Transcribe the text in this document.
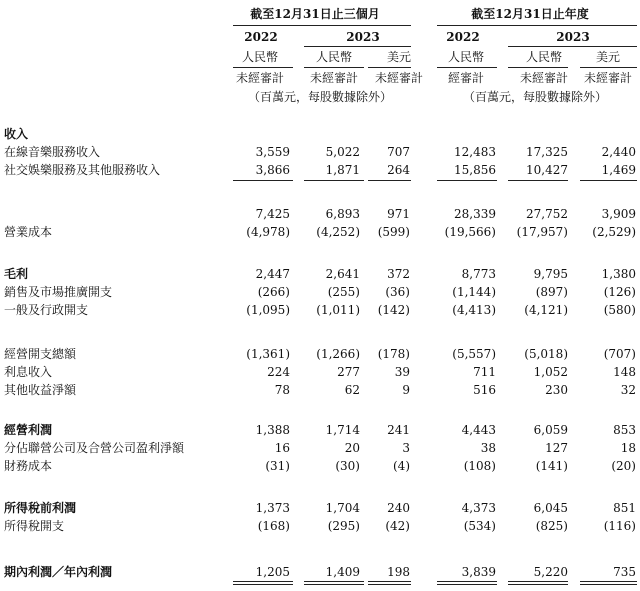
截至12月31日止三個月	截至12月31日止年度
2022	2023	2022	2023
人民幣	人民幣	美元	人民幣	人民幣	美元
未經審計	未經審計	未經審計	經審計	未經審計	未經審計
（百萬元，每股數據除外）	（百萬元，每股數據除外）
收入
在線音樂服務收入	3,559	5,022	707	12,483	17,325	2,440
社交娛樂服務及其他服務收入	3,866	1,871	264	15,856	10,427	1,469
7,425	6,893	971	28,339	27,752	3,909
營業成本	(4,978)	(4,252)	(599)	(19,566)	(17,957)	(2,529)
毛利	2,447	2,641	372	8,773	9,795	1,380
銷售及市場推廣開支	(266)	(255)	(36)	(1,144)	(897)	(126)
一般及行政開支	(1,095)	(1,011)	(142)	(4,413)	(4,121)	(580)
經營開支總額	(1,361)	(1,266)	(178)	(5,557)	(5,018)	(707)
利息收入	224	277	39	711	1,052	148
其他收益淨額	78	62	9	516	230	32
經營利潤	1,388	1,714	241	4,443	6,059	853
分佔聯營公司及合營公司盈利淨額	16	20	3	38	127	18
財務成本	(31)	(30)	(4)	(108)	(141)	(20)
所得稅前利潤	1,373	1,704	240	4,373	6,045	851
所得稅開支	(168)	(295)	(42)	(534)	(825)	(116)
期內利潤／年內利潤	1,205	1,409	198	3,839	5,220	735
